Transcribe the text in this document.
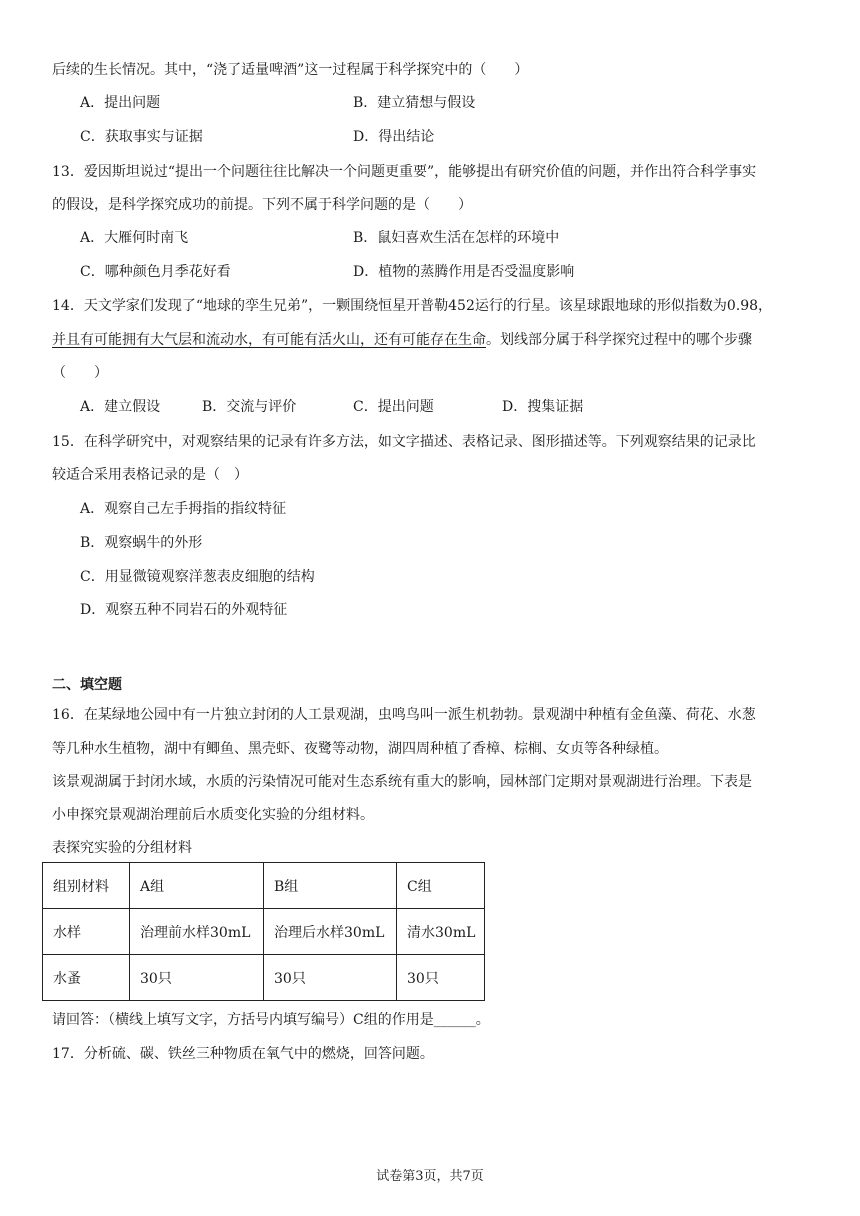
后续的生长情况。其中，“浇了适量啤酒”这一过程属于科学探究中的（　　）
A．提出问题	B．建立猜想与假设
C．获取事实与证据	D．得出结论
13．爱因斯坦说过“提出一个问题往往比解决一个问题更重要”，能够提出有研究价值的问题，并作出符合科学事实
的假设，是科学探究成功的前提。下列不属于科学问题的是（　　）
A．大雁何时南飞	B．鼠妇喜欢生活在怎样的环境中
C．哪种颜色月季花好看	D．植物的蒸腾作用是否受温度影响
14．天文学家们发现了“地球的孪生兄弟”，一颗围绕恒星开普勒452运行的行星。该星球跟地球的形似指数为0.98，
并且有可能拥有大气层和流动水，有可能有活火山，还有可能存在生命。划线部分属于科学探究过程中的哪个步骤
（　　）
A．建立假设	B．交流与评价	C．提出问题	D．搜集证据
15．在科学研究中，对观察结果的记录有许多方法，如文字描述、表格记录、图形描述等。下列观察结果的记录比
较适合采用表格记录的是（　）
A．观察自己左手拇指的指纹特征
B．观察蜗牛的外形
C．用显微镜观察洋葱表皮细胞的结构
D．观察五种不同岩石的外观特征
二、填空题
16．在某绿地公园中有一片独立封闭的人工景观湖，虫鸣鸟叫一派生机勃勃。景观湖中种植有金鱼藻、荷花、水葱
等几种水生植物，湖中有鲫鱼、黑壳虾、夜鹭等动物，湖四周种植了香樟、棕榈、女贞等各种绿植。
该景观湖属于封闭水域，水质的污染情况可能对生态系统有重大的影响，园林部门定期对景观湖进行治理。下表是
小申探究景观湖治理前后水质变化实验的分组材料。
表探究实验的分组材料
组别材料	A组	B组	C组
水样	治理前水样30mL	治理后水样30mL	清水30mL
水蚤	30只	30只	30只
请回答：（横线上填写文字，方括号内填写编号）C组的作用是______。
17．分析硫、碳、铁丝三种物质在氧气中的燃烧，回答问题。
试卷第3页，共7页
